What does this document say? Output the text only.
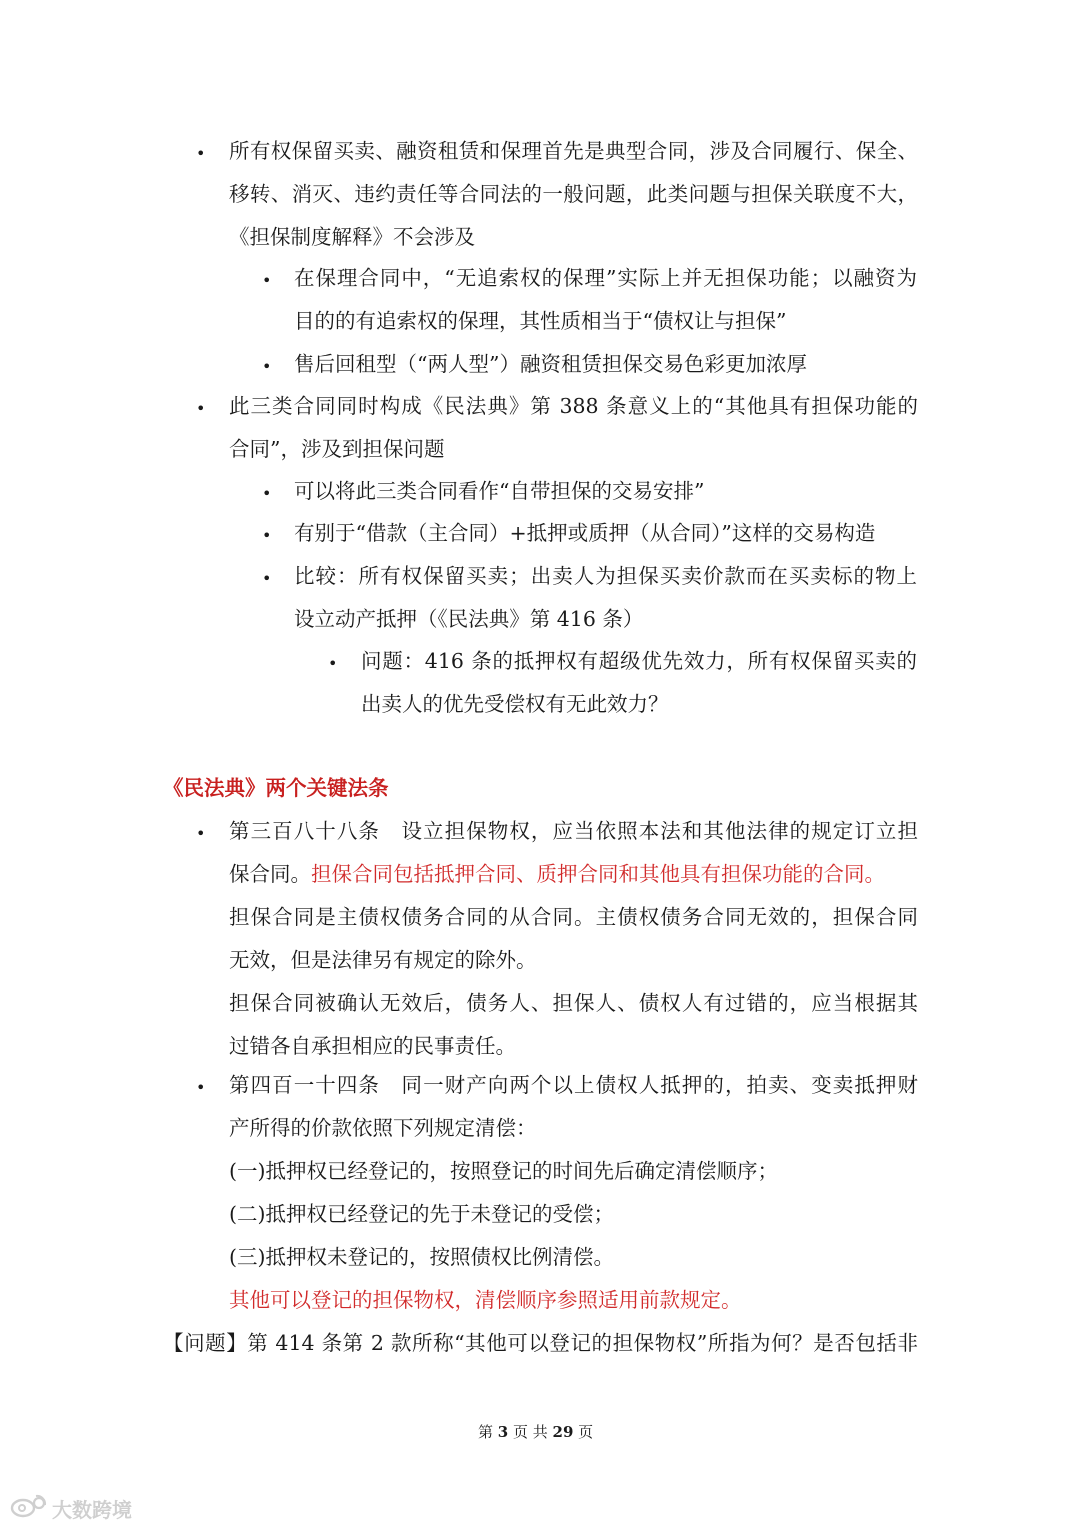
• 所有权保留买卖、融资租赁和保理首先是典型合同，涉及合同履行、保全、
移转、消灭、违约责任等合同法的一般问题，此类问题与担保关联度不大，
《担保制度解释》不会涉及
• 在保理合同中，“无追索权的保理”实际上并无担保功能；以融资为
目的的有追索权的保理，其性质相当于“债权让与担保”
• 售后回租型（“两人型”）融资租赁担保交易色彩更加浓厚
• 此三类合同同时构成《民法典》第 388 条意义上的“其他具有担保功能的
合同”，涉及到担保问题
• 可以将此三类合同看作“自带担保的交易安排”
• 有别于“借款（主合同）+抵押或质押（从合同）”这样的交易构造
• 比较：所有权保留买卖；出卖人为担保买卖价款而在买卖标的物上
设立动产抵押（《民法典》第 416 条）
• 问题：416 条的抵押权有超级优先效力，所有权保留买卖的
出卖人的优先受偿权有无此效力？
《民法典》两个关键法条
• 第三百八十八条　设立担保物权，应当依照本法和其他法律的规定订立担
保合同。担保合同包括抵押合同、质押合同和其他具有担保功能的合同。
担保合同是主债权债务合同的从合同。主债权债务合同无效的，担保合同
无效，但是法律另有规定的除外。
担保合同被确认无效后，债务人、担保人、债权人有过错的，应当根据其
过错各自承担相应的民事责任。
• 第四百一十四条　同一财产向两个以上债权人抵押的，拍卖、变卖抵押财
产所得的价款依照下列规定清偿：
(一)抵押权已经登记的，按照登记的时间先后确定清偿顺序；
(二)抵押权已经登记的先于未登记的受偿；
(三)抵押权未登记的，按照债权比例清偿。
其他可以登记的担保物权，清偿顺序参照适用前款规定。
【问题】第 414 条第 2 款所称“其他可以登记的担保物权”所指为何？是否包括非
第 3 页 共 29 页
大数跨境
